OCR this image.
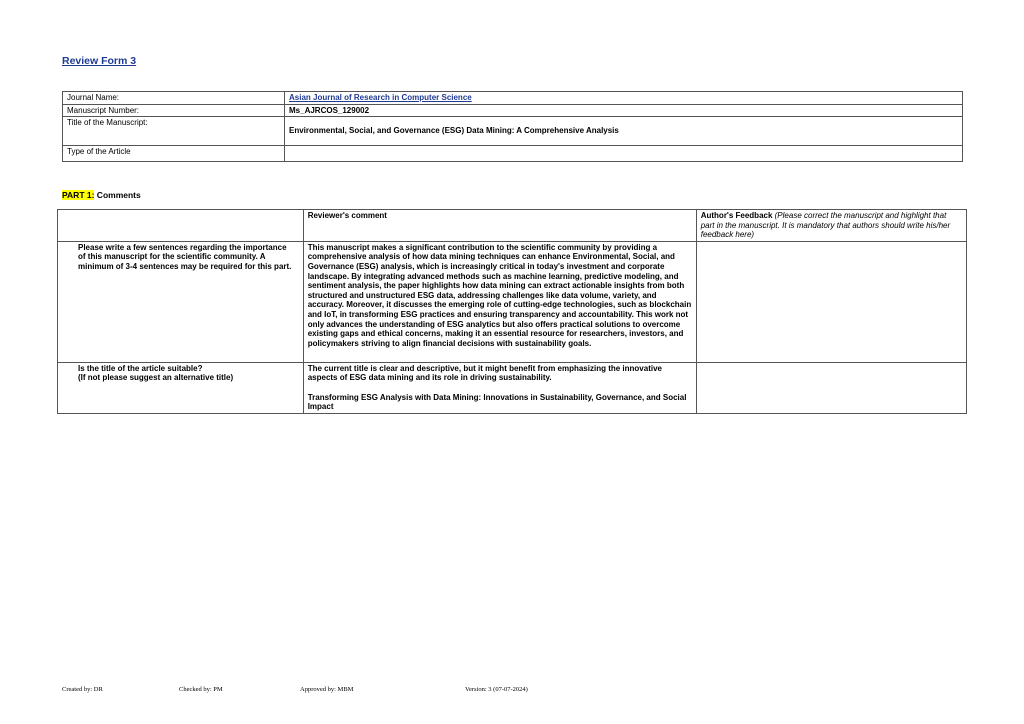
Review Form 3
Journal Name:	Asian Journal of Research in Computer Science
Manuscript Number:	Ms_AJRCOS_129002
Title of the Manuscript:	Environmental, Social, and Governance (ESG) Data Mining: A Comprehensive Analysis
Type of the Article	
PART 1: Comments
	Reviewer's comment	Author's Feedback (Please correct the manuscript and highlight that part in the manuscript. It is mandatory that authors should write his/her feedback here)
Please write a few sentences regarding the importance of this manuscript for the scientific community. A minimum of 3-4 sentences may be required for this part.	This manuscript makes a significant contribution to the scientific community by providing a comprehensive analysis of how data mining techniques can enhance Environmental, Social, and Governance (ESG) analysis, which is increasingly critical in today's investment and corporate landscape. By integrating advanced methods such as machine learning, predictive modeling, and sentiment analysis, the paper highlights how data mining can extract actionable insights from both structured and unstructured ESG data, addressing challenges like data volume, variety, and accuracy. Moreover, it discusses the emerging role of cutting-edge technologies, such as blockchain and IoT, in transforming ESG practices and ensuring transparency and accountability. This work not only advances the understanding of ESG analytics but also offers practical solutions to overcome existing gaps and ethical concerns, making it an essential resource for researchers, investors, and policymakers striving to align financial decisions with sustainability goals.	
Is the title of the article suitable?
(If not please suggest an alternative title)	The current title is clear and descriptive, but it might benefit from emphasizing the innovative aspects of ESG data mining and its role in driving sustainability.
Transforming ESG Analysis with Data Mining: Innovations in Sustainability, Governance, and Social Impact	
Created by: DR	Checked by: PM	Approved by: MBM	Version: 3 (07-07-2024)
